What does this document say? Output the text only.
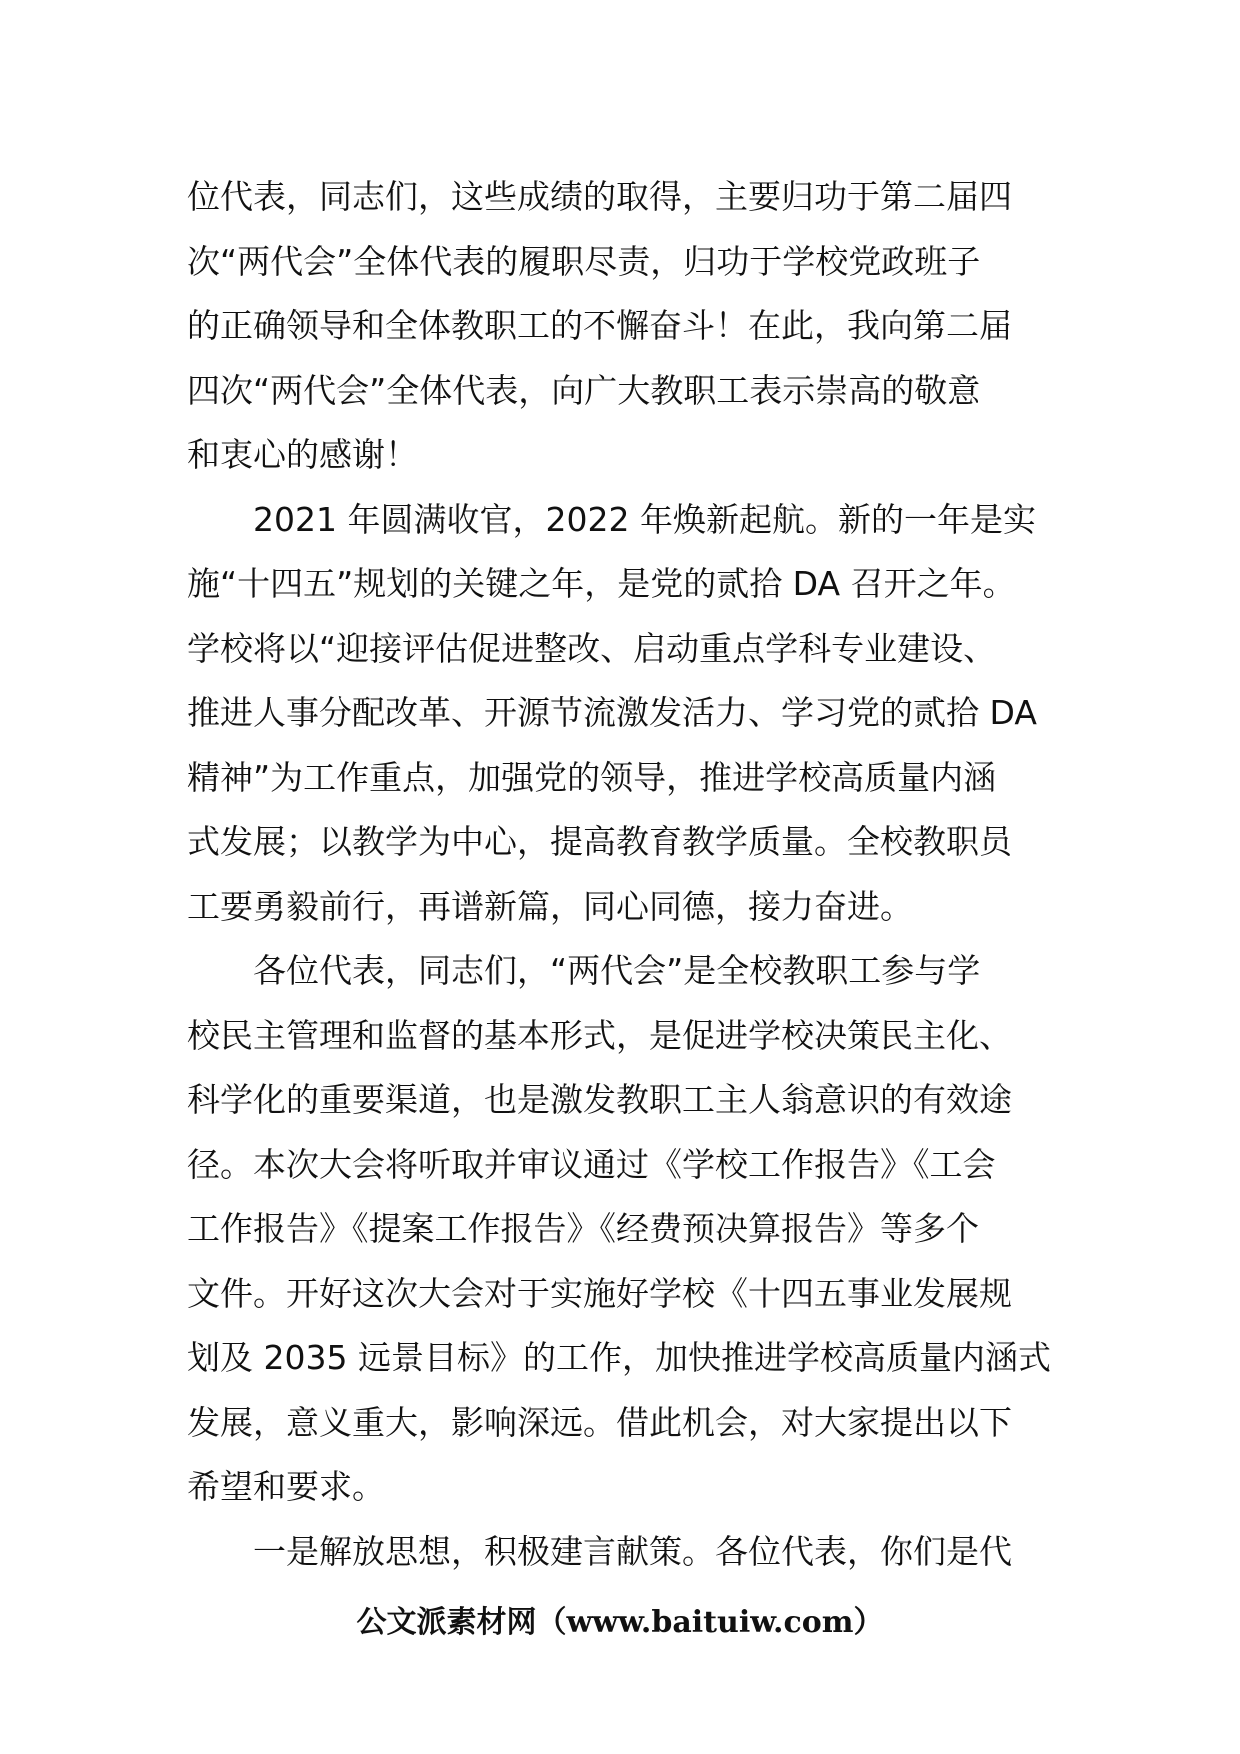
位代表，同志们，这些成绩的取得，主要归功于第二届四
次“两代会”全体代表的履职尽责，归功于学校党政班子
的正确领导和全体教职工的不懈奋斗！在此，我向第二届
四次“两代会”全体代表，向广大教职工表示崇高的敬意
和衷心的感谢！
2021 年圆满收官，2022 年焕新起航。新的一年是实
施“十四五”规划的关键之年，是党的贰拾 DA 召开之年。
学校将以“迎接评估促进整改、启动重点学科专业建设、
推进人事分配改革、开源节流激发活力、学习党的贰拾 DA
精神”为工作重点，加强党的领导，推进学校高质量内涵
式发展；以教学为中心，提高教育教学质量。全校教职员
工要勇毅前行，再谱新篇，同心同德，接力奋进。
各位代表，同志们，“两代会”是全校教职工参与学
校民主管理和监督的基本形式，是促进学校决策民主化、
科学化的重要渠道，也是激发教职工主人翁意识的有效途
径。本次大会将听取并审议通过《学校工作报告》《工会
工作报告》《提案工作报告》《经费预决算报告》等多个
文件。开好这次大会对于实施好学校《十四五事业发展规
划及 2035 远景目标》的工作，加快推进学校高质量内涵式
发展，意义重大，影响深远。借此机会，对大家提出以下
希望和要求。
一是解放思想，积极建言献策。各位代表，你们是代
公文派素材网（www.baituiw.com）
